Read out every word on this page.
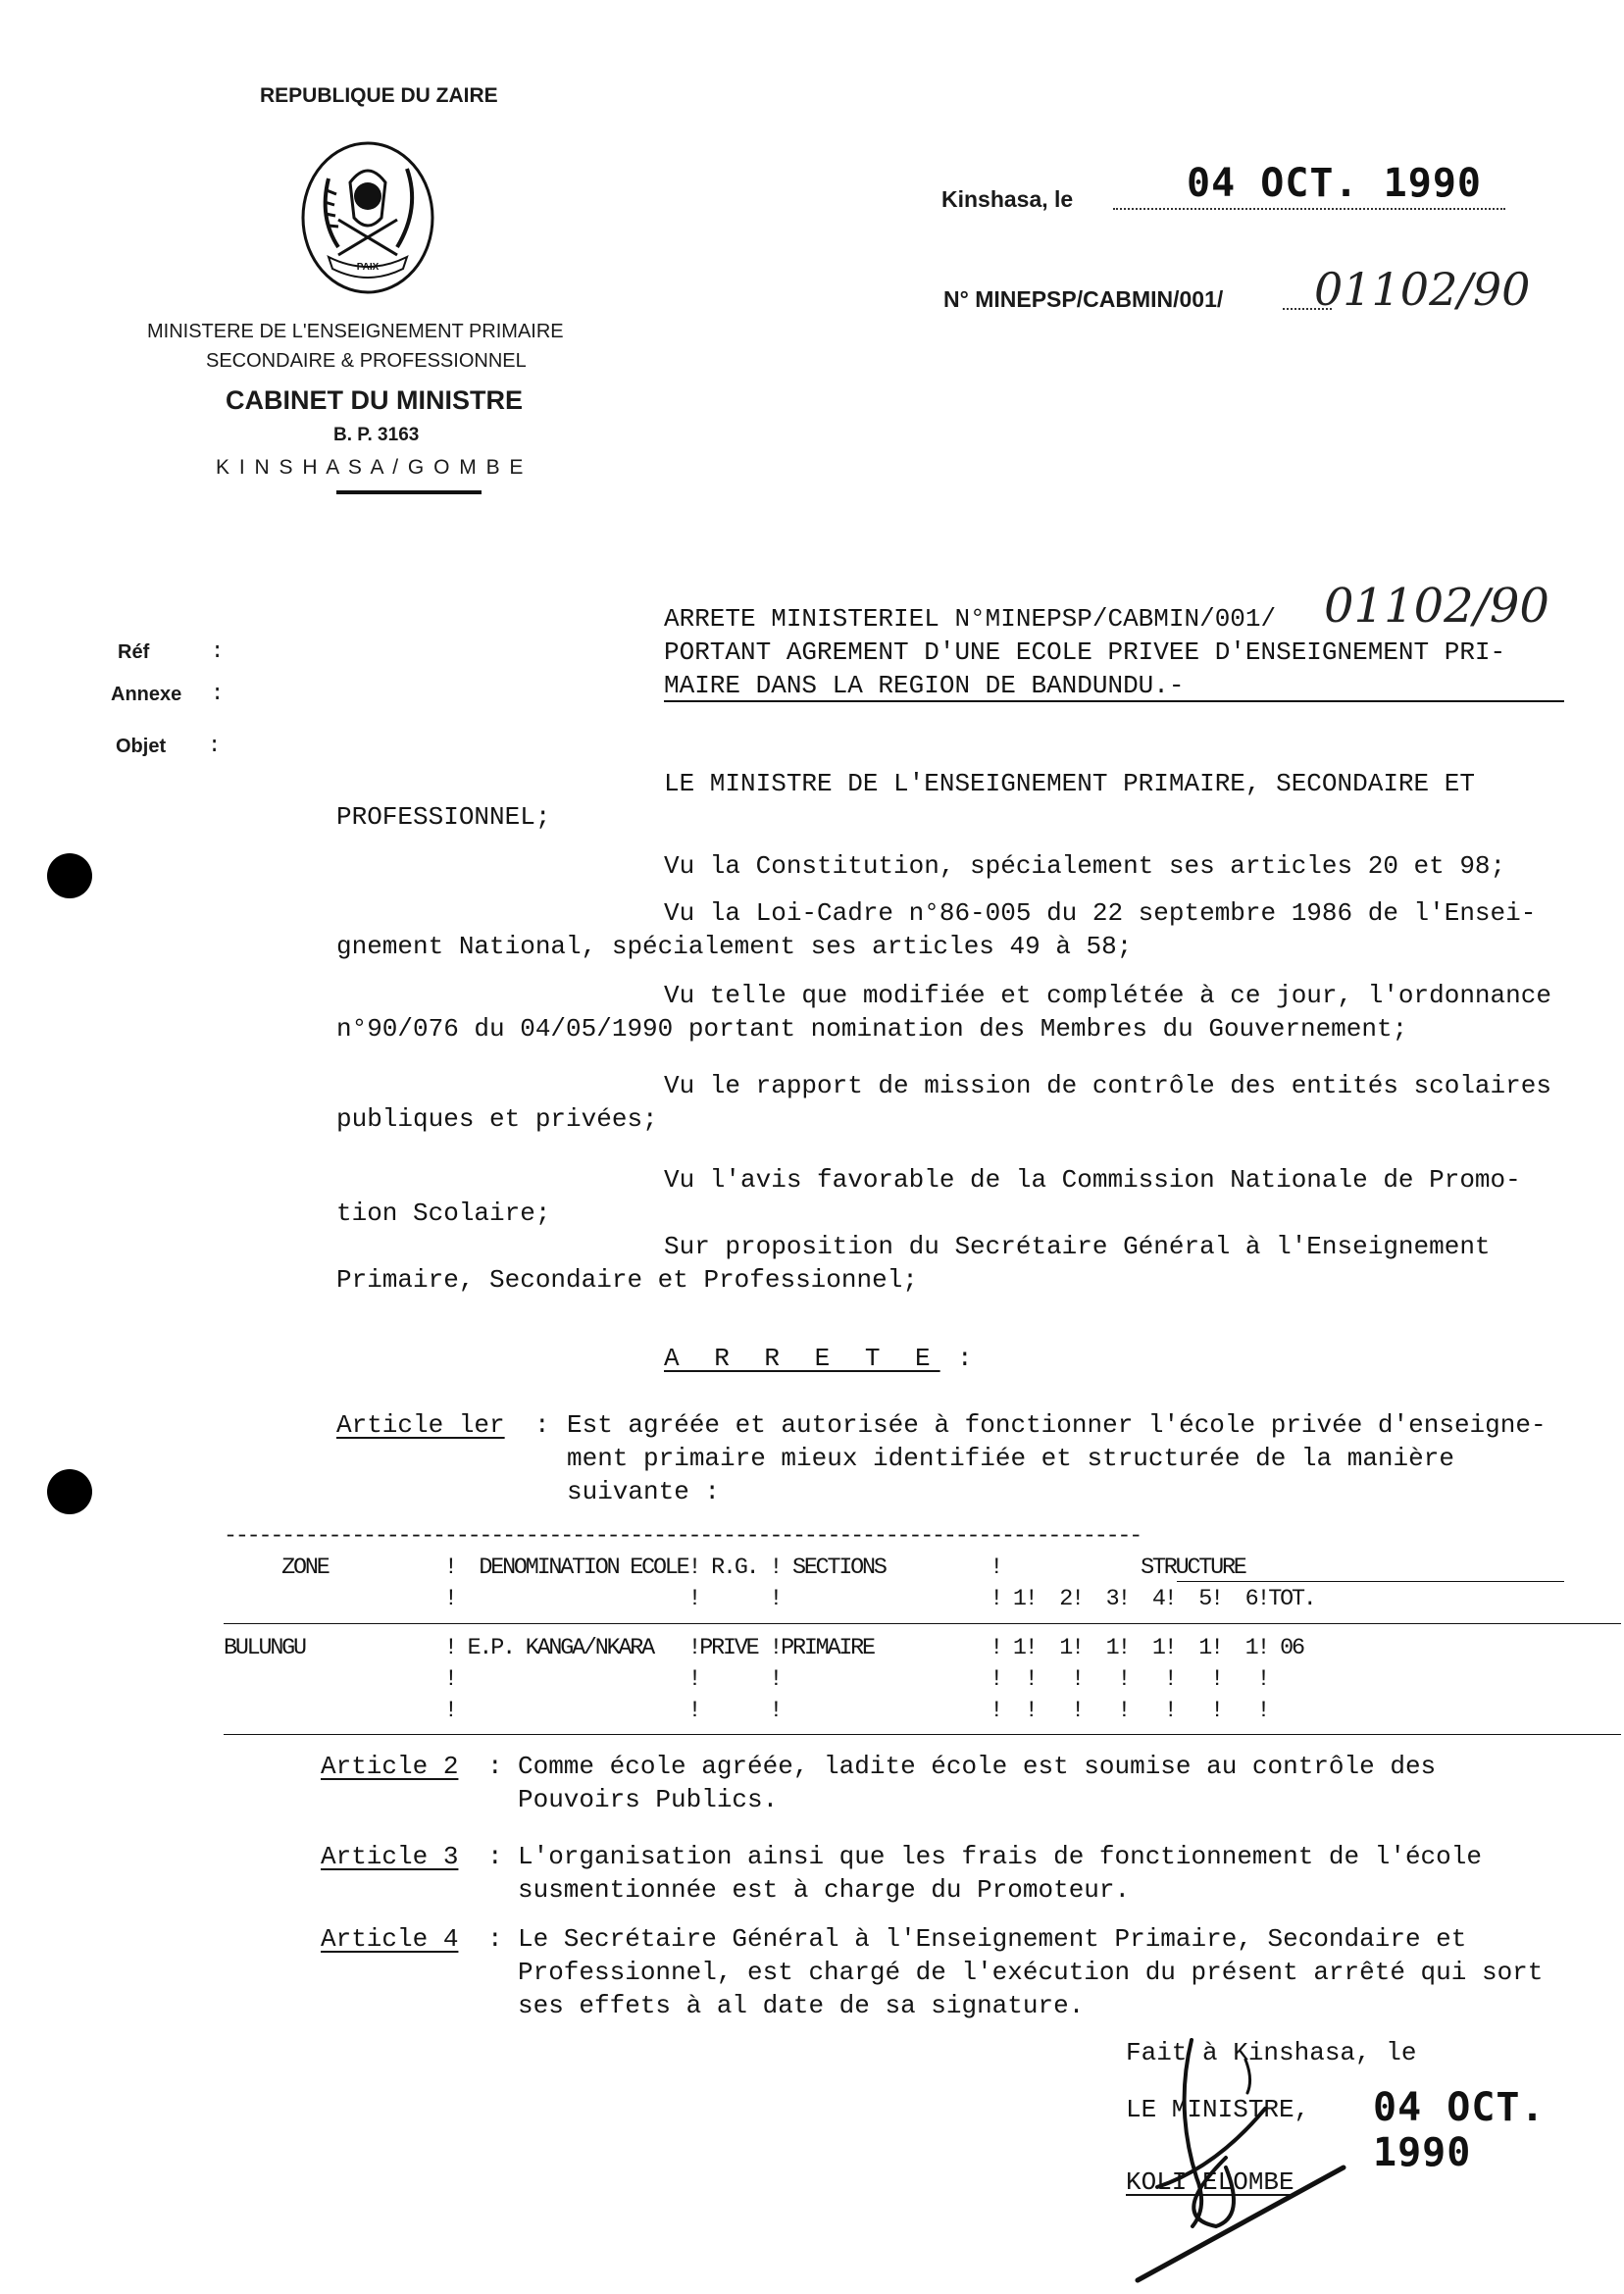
REPUBLIQUE DU ZAIRE
PAIX
MINISTERE DE L'ENSEIGNEMENT PRIMAIRE
SECONDAIRE & PROFESSIONNEL
CABINET DU MINISTRE
B. P. 3163
K I N S H A S A / G O M B E
Kinshasa, le	04 OCT. 1990
N° MINEPSP/CABMIN/001/ 01102/90
Réf	:
Annexe :
Objet :
ARRETE MINISTERIEL N°MINEPSP/CABMIN/001/ 01102/90
PORTANT AGREMENT D'UNE ECOLE PRIVEE D'ENSEIGNEMENT PRI-
MAIRE DANS LA REGION DE BANDUNDU.-
LE MINISTRE DE L'ENSEIGNEMENT PRIMAIRE, SECONDAIRE ET
PROFESSIONNEL;
Vu la Constitution, spécialement ses articles 20 et 98;
Vu la Loi-Cadre n°86-005 du 22 septembre 1986 de l'Ensei-
gnement National, spécialement ses articles 49 à 58;
Vu telle que modifiée et complétée à ce jour, l'ordonnance
n°90/076 du 04/05/1990 portant nomination des Membres du Gouvernement;
Vu le rapport de mission de contrôle des entités scolaires
publiques et privées;
Vu l'avis favorable de la Commission Nationale de Promo-
tion Scolaire;
Sur proposition du Secrétaire Général à l'Enseignement
Primaire, Secondaire et Professionnel;
A R R E T E :
Article ler : Est agréée et autorisée à fonctionner l'école privée d'enseigne-
ment primaire mieux identifiée et structurée de la manière
suivante :
-------------------------------------------------------------------------------
ZONE          !  DENOMINATION ECOLE! R.G. ! SECTIONS         !            STRUCTURE
!                    !      !                  ! 1!  2!  3!  4!  5!  6!TOT.
BULUNGU            ! E.P. KANGA/NKARA   !PRIVE !PRIMAIRE          ! 1!  1!  1!  1!  1!  1! 06
!                    !      !                  !  !   !   !   !   !   !
!                    !      !                  !  !   !   !   !   !   !
Article 2 : Comme école agréée, ladite école est soumise au contrôle des
Pouvoirs Publics.
Article 3 : L'organisation ainsi que les frais de fonctionnement de l'école
susmentionnée est à charge du Promoteur.
Article 4 : Le Secrétaire Général à l'Enseignement Primaire, Secondaire et
Professionnel, est chargé de l'exécution du présent arrêté qui sort
ses effets à al date de sa signature.
Fait à Kinshasa, le
LE MINISTRE, 04 OCT. 1990
KOLI ELOMBE
